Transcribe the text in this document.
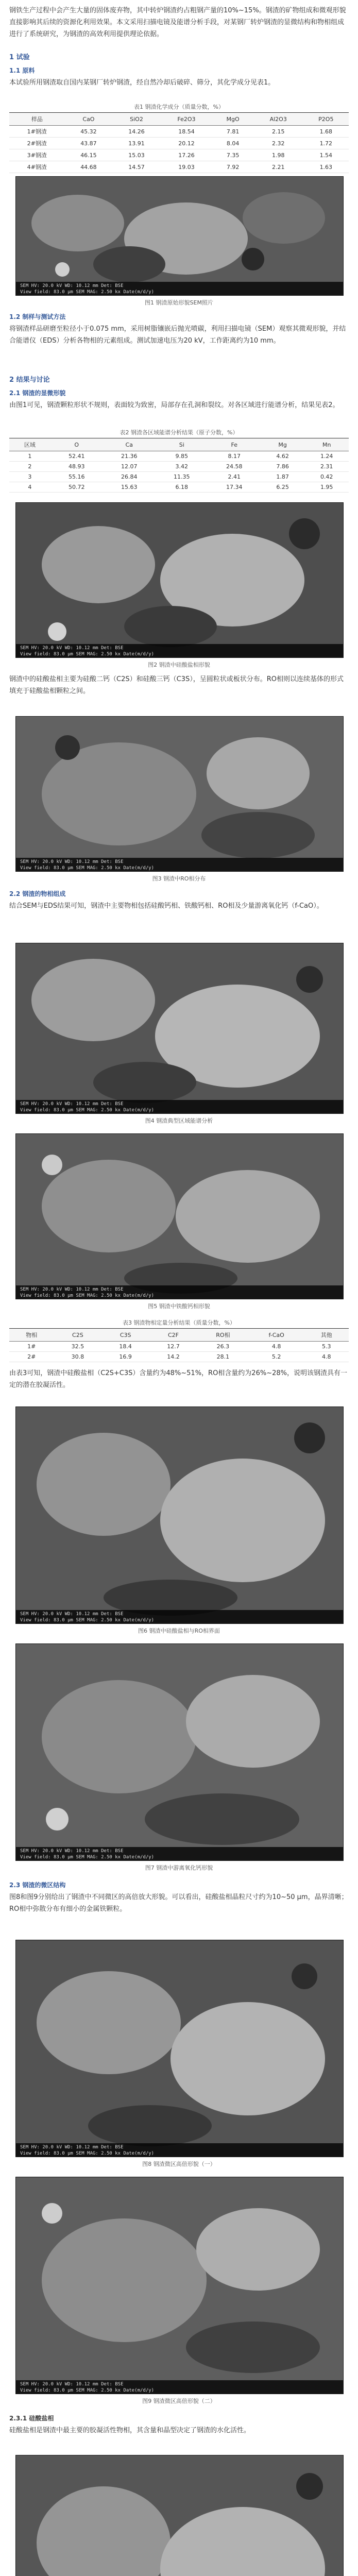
钢铁生产过程中会产生大量的固体废弃物，其中转炉钢渣约占粗钢产量的10%~15%。钢渣的矿物组成和微观形貌直接影响其后续的资源化利用效果。本文采用扫描电镜及能谱分析手段，对某钢厂转炉钢渣的显微结构和物相组成进行了系统研究，为钢渣的高效利用提供理论依据。
1 试验
1.1 原料
本试验所用钢渣取自国内某钢厂转炉钢渣，经自然冷却后破碎、筛分，其化学成分见表1。
表1 钢渣化学成分（质量分数，%）
样品	CaO	SiO2	Fe2O3	MgO	Al2O3	P2O5
1#钢渣	45.32	14.26	18.54	7.81	2.15	1.68
2#钢渣	43.87	13.91	20.12	8.04	2.32	1.72
3#钢渣	46.15	15.03	17.26	7.35	1.98	1.54
4#钢渣	44.68	14.57	19.03	7.92	2.21	1.63
SEM HV: 20.0 kV WD: 10.12 mm Det: BSE
View field: 83.0 μm SEM MAG: 2.50 kx Date(m/d/y)
图1 钢渣原始形貌SEM照片
1.2 制样与测试方法
将钢渣样品研磨至粒径小于0.075 mm，采用树脂镶嵌后抛光喷碳，利用扫描电镜（SEM）观察其微观形貌，并结合能谱仪（EDS）分析各物相的元素组成。测试加速电压为20 kV，工作距离约为10 mm。
2 结果与讨论
2.1 钢渣的显微形貌
由图1可见，钢渣颗粒形状不规则，表面较为致密，局部存在孔洞和裂纹。对各区域进行能谱分析，结果见表2。
表2 钢渣各区域能谱分析结果（原子分数，%）
区域	O	Ca	Si	Fe	Mg	Mn
1	52.41	21.36	9.85	8.17	4.62	1.24
2	48.93	12.07	3.42	24.58	7.86	2.31
3	55.16	26.84	11.35	2.41	1.87	0.42
4	50.72	15.63	6.18	17.34	6.25	1.95
SEM HV: 20.0 kV WD: 10.12 mm Det: BSE
View field: 83.0 μm SEM MAG: 2.50 kx Date(m/d/y)
图2 钢渣中硅酸盐相形貌
钢渣中的硅酸盐相主要为硅酸二钙（C2S）和硅酸三钙（C3S），呈圆粒状或板状分布。RO相则以连续基体的形式填充于硅酸盐相颗粒之间。
SEM HV: 20.0 kV WD: 10.12 mm Det: BSE
View field: 83.0 μm SEM MAG: 2.50 kx Date(m/d/y)
图3 钢渣中RO相分布
2.2 钢渣的物相组成
结合SEM与EDS结果可知，钢渣中主要物相包括硅酸钙相、铁酸钙相、RO相及少量游离氧化钙（f-CaO）。
SEM HV: 20.0 kV WD: 10.12 mm Det: BSE
View field: 83.0 μm SEM MAG: 2.50 kx Date(m/d/y)
图4 钢渣典型区域能谱分析
SEM HV: 20.0 kV WD: 10.12 mm Det: BSE
View field: 83.0 μm SEM MAG: 2.50 kx Date(m/d/y)
图5 钢渣中铁酸钙相形貌
表3 钢渣物相定量分析结果（质量分数，%）
物相	C2S	C3S	C2F	RO相	f-CaO	其他
1#	32.5	18.4	12.7	26.3	4.8	5.3
2#	30.8	16.9	14.2	28.1	5.2	4.8
由表3可知，钢渣中硅酸盐相（C2S+C3S）含量约为48%~51%，RO相含量约为26%~28%，说明该钢渣具有一定的潜在胶凝活性。
SEM HV: 20.0 kV WD: 10.12 mm Det: BSE
View field: 83.0 μm SEM MAG: 2.50 kx Date(m/d/y)
图6 钢渣中硅酸盐相与RO相界面
SEM HV: 20.0 kV WD: 10.12 mm Det: BSE
View field: 83.0 μm SEM MAG: 2.50 kx Date(m/d/y)
图7 钢渣中游离氧化钙形貌
2.3 钢渣的微区结构
图8和图9分别给出了钢渣中不同微区的高倍放大形貌。可以看出，硅酸盐相晶粒尺寸约为10~50 μm，晶界清晰；RO相中弥散分布有细小的金属铁颗粒。
SEM HV: 20.0 kV WD: 10.12 mm Det: BSE
View field: 83.0 μm SEM MAG: 2.50 kx Date(m/d/y)
图8 钢渣微区高倍形貌（一）
SEM HV: 20.0 kV WD: 10.12 mm Det: BSE
View field: 83.0 μm SEM MAG: 2.50 kx Date(m/d/y)
图9 钢渣微区高倍形貌（二）
2.3.1 硅酸盐相
硅酸盐相是钢渣中最主要的胶凝活性物相，其含量和晶型决定了钢渣的水化活性。
